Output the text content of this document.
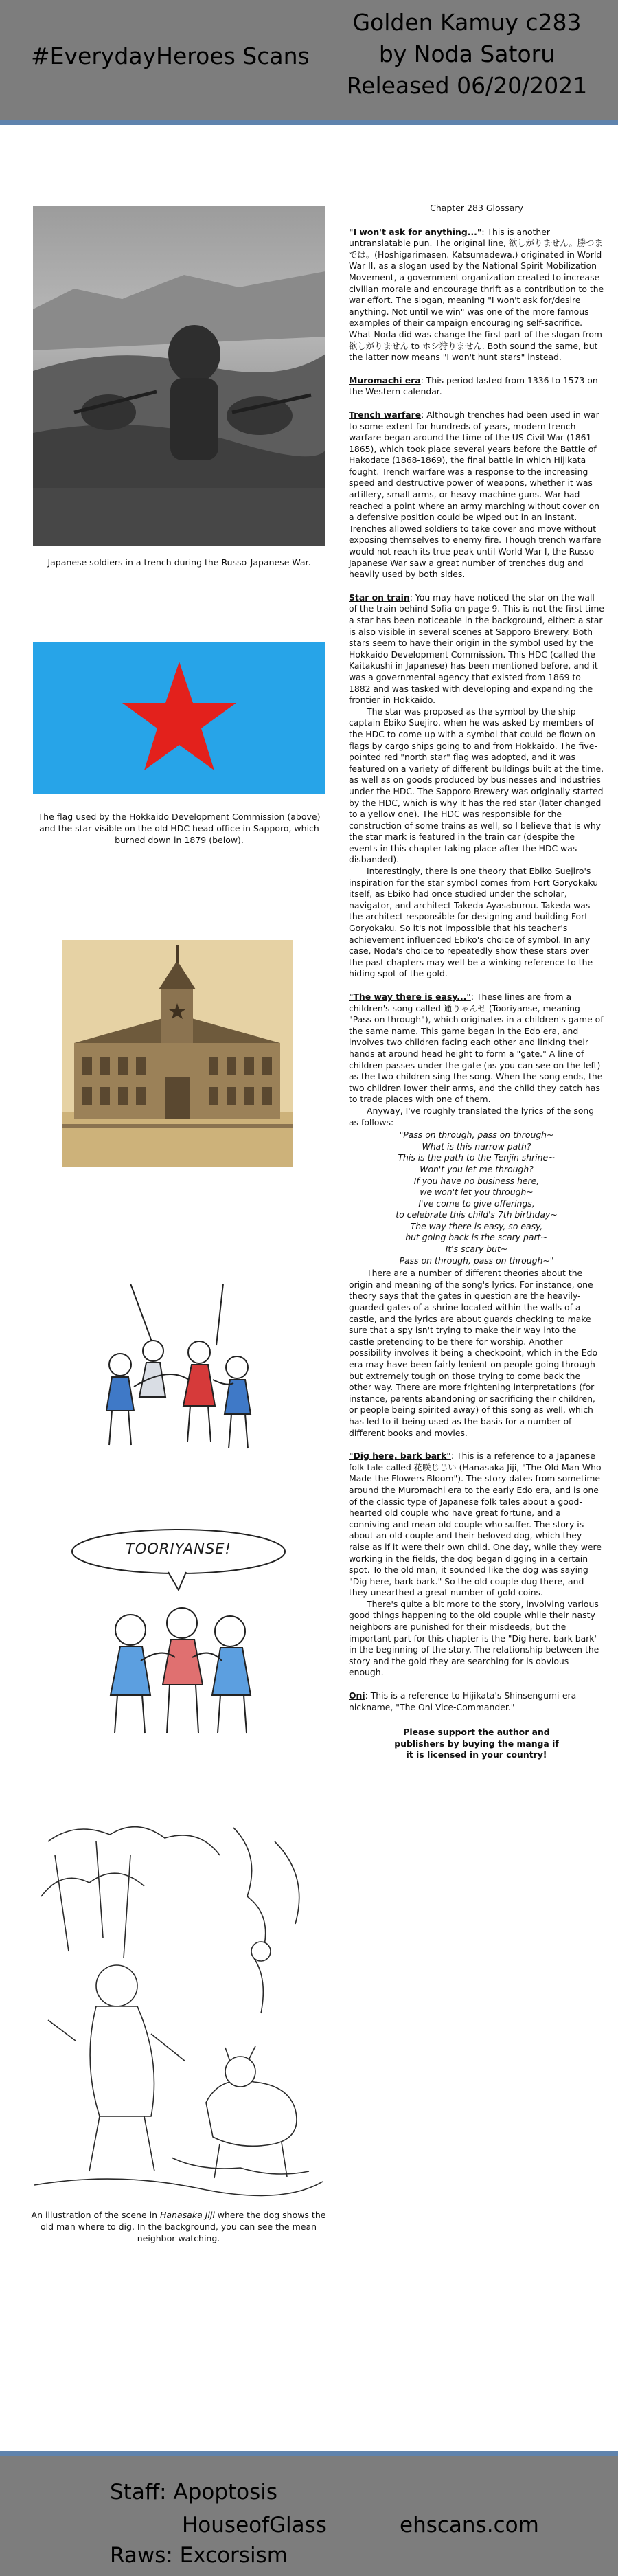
#EverydayHeroes Scans
Golden Kamuy c283
by Noda Satoru
Released 06/20/2021
Japanese soldiers in a trench during the Russo-Japanese War.
The flag used by the Hokkaido Development Commission (above) and the star visible on the old HDC head office in Sapporo, which burned down in 1879 (below).
TOORIYANSE!
An illustration of the scene in Hanasaka Jiji where the dog shows the old man where to dig. In the background, you can see the mean neighbor watching.
Chapter 283 Glossary

"I won't ask for anything...": This is another untranslatable pun. The original line, 欲しがりません。勝つまでは。(Hoshigarimasen. Katsumadewa.) originated in World War II, as a slogan used by the National Spirit Mobilization Movement, a government organization created to increase civilian morale and encourage thrift as a contribution to the war effort. The slogan, meaning "I won't ask for/desire anything. Not until we win" was one of the more famous examples of their campaign encouraging self-sacrifice. What Noda did was change the first part of the slogan from 欲しがりません to ホシ狩りません. Both sound the same, but the latter now means "I won't hunt stars" instead.

Muromachi era: This period lasted from 1336 to 1573 on the Western calendar.

Trench warfare: Although trenches had been used in war to some extent for hundreds of years, modern trench warfare began around the time of the US Civil War (1861-1865), which took place several years before the Battle of Hakodate (1868-1869), the final battle in which Hijikata fought. Trench warfare was a response to the increasing speed and destructive power of weapons, whether it was artillery, small arms, or heavy machine guns. War had reached a point where an army marching without cover on a defensive position could be wiped out in an instant. Trenches allowed soldiers to take cover and move without exposing themselves to enemy fire. Though trench warfare would not reach its true peak until World War I, the Russo-Japanese War saw a great number of trenches dug and heavily used by both sides.

Star on train: You may have noticed the star on the wall of the train behind Sofia on page 9. This is not the first time a star has been noticeable in the background, either: a star is also visible in several scenes at Sapporo Brewery. Both stars seem to have their origin in the symbol used by the Hokkaido Development Commission. This HDC (called the Kaitakushi in Japanese) has been mentioned before, and it was a governmental agency that existed from 1869 to 1882 and was tasked with developing and expanding the frontier in Hokkaido.

The star was proposed as the symbol by the ship captain Ebiko Suejiro, when he was asked by members of the HDC to come up with a symbol that could be flown on flags by cargo ships going to and from Hokkaido. The five-pointed red "north star" flag was adopted, and it was featured on a variety of different buildings built at the time, as well as on goods produced by businesses and industries under the HDC. The Sapporo Brewery was originally started by the HDC, which is why it has the red star (later changed to a yellow one). The HDC was responsible for the construction of some trains as well, so I believe that is why the star mark is featured in the train car (despite the events in this chapter taking place after the HDC was disbanded).

Interestingly, there is one theory that Ebiko Suejiro's inspiration for the star symbol comes from Fort Goryokaku itself, as Ebiko had once studied under the scholar, navigator, and architect Takeda Ayasaburou. Takeda was the architect responsible for designing and building Fort Goryokaku. So it's not impossible that his teacher's achievement influenced Ebiko's choice of symbol. In any case, Noda's choice to repeatedly show these stars over the past chapters may well be a winking reference to the hiding spot of the gold.

"The way there is easy...": These lines are from a children's song called 通りゃんせ (Tooriyanse, meaning "Pass on through"), which originates in a children's game of the same name. This game began in the Edo era, and involves two children facing each other and linking their hands at around head height to form a "gate." A line of children passes under the gate (as you can see on the left) as the two children sing the song. When the song ends, the two children lower their arms, and the child they catch has to trade places with one of them.

Anyway, I've roughly translated the lyrics of the song as follows:

"Pass on through, pass on through~
What is this narrow path?
This is the path to the Tenjin shrine~
Won't you let me through?
If you have no business here,
we won't let you through~
I've come to give offerings,
to celebrate this child's 7th birthday~
The way there is easy, so easy,
but going back is the scary part~
It's scary but~
Pass on through, pass on through~"

There are a number of different theories about the origin and meaning of the song's lyrics. For instance, one theory says that the gates in question are the heavily-guarded gates of a shrine located within the walls of a castle, and the lyrics are about guards checking to make sure that a spy isn't trying to make their way into the castle pretending to be there for worship. Another possibility involves it being a checkpoint, which in the Edo era may have been fairly lenient on people going through but extremely tough on those trying to come back the other way. There are more frightening interpretations (for instance, parents abandoning or sacrificing their children, or people being spirited away) of this song as well, which has led to it being used as the basis for a number of different books and movies.

"Dig here, bark bark": This is a reference to a Japanese folk tale called 花咲じじい (Hanasaka Jiji, "The Old Man Who Made the Flowers Bloom"). The story dates from sometime around the Muromachi era to the early Edo era, and is one of the classic type of Japanese folk tales about a good-hearted old couple who have great fortune, and a conniving and mean old couple who suffer. The story is about an old couple and their beloved dog, which they raise as if it were their own child. One day, while they were working in the fields, the dog began digging in a certain spot. To the old man, it sounded like the dog was saying "Dig here, bark bark." So the old couple dug there, and they unearthed a great number of gold coins.

There's quite a bit more to the story, involving various good things happening to the old couple while their nasty neighbors are punished for their misdeeds, but the important part for this chapter is the "Dig here, bark bark" in the beginning of the story. The relationship between the story and the gold they are searching for is obvious enough.

Oni: This is a reference to Hijikata's Shinsengumi-era nickname, "The Oni Vice-Commander."

Please support the author and
publishers by buying the manga if
it is licensed in your country!
Staff: Apoptosis
HouseofGlass
Raws: Excorsism
ehscans.com
